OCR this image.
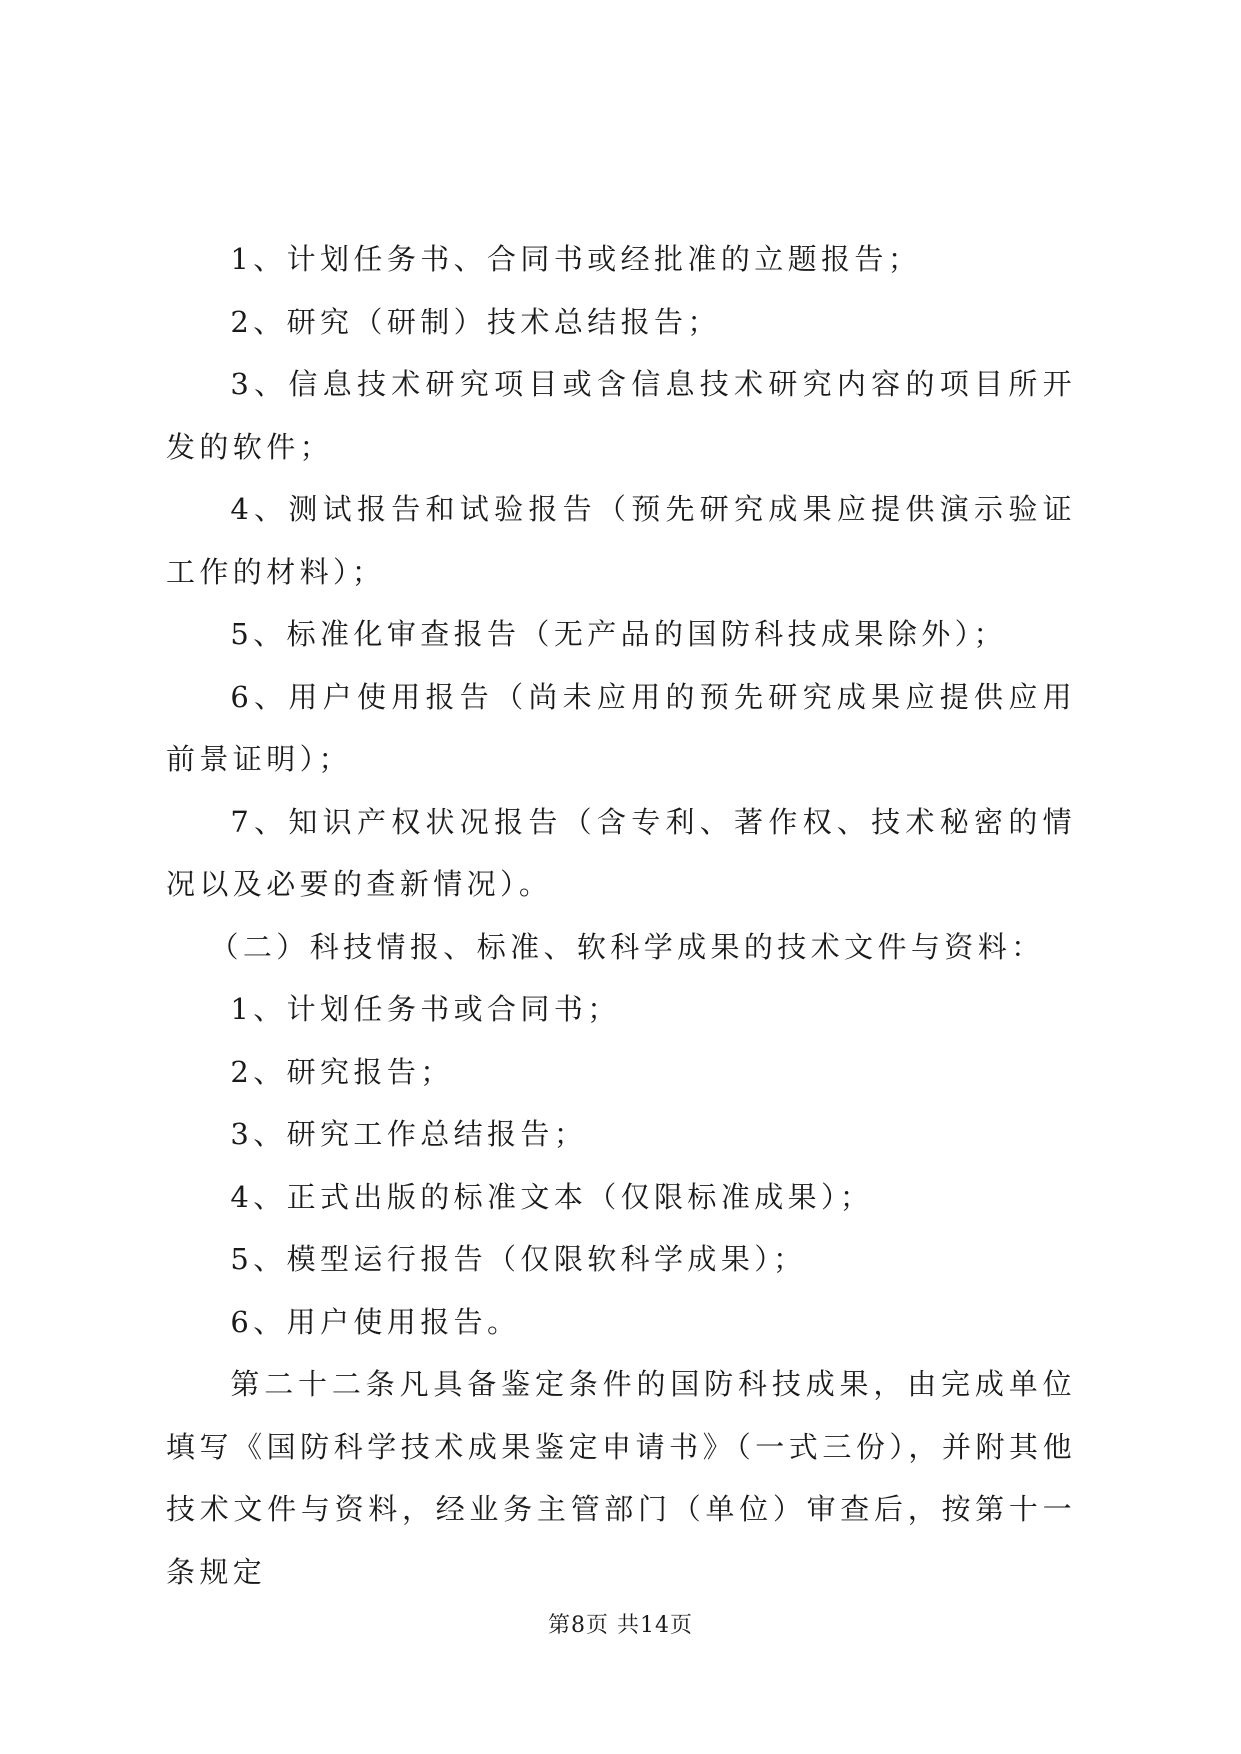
1、计划任务书、合同书或经批准的立题报告；

2、研究（研制）技术总结报告；

3、信息技术研究项目或含信息技术研究内容的项目所开发的软件；

4、测试报告和试验报告（预先研究成果应提供演示验证工作的材料）；

5、标准化审查报告（无产品的国防科技成果除外）；

6、用户使用报告（尚未应用的预先研究成果应提供应用前景证明）；

7、知识产权状况报告（含专利、著作权、技术秘密的情况以及必要的查新情况）。

（二）科技情报、标准、软科学成果的技术文件与资料：

1、计划任务书或合同书；

2、研究报告；

3、研究工作总结报告；

4、正式出版的标准文本（仅限标准成果）；

5、模型运行报告（仅限软科学成果）；

6、用户使用报告。

第二十二条凡具备鉴定条件的国防科技成果，由完成单位填写《国防科学技术成果鉴定申请书》（一式三份），并附其他技术文件与资料，经业务主管部门（单位）审查后，按第十一条规定

第8页 共14页
